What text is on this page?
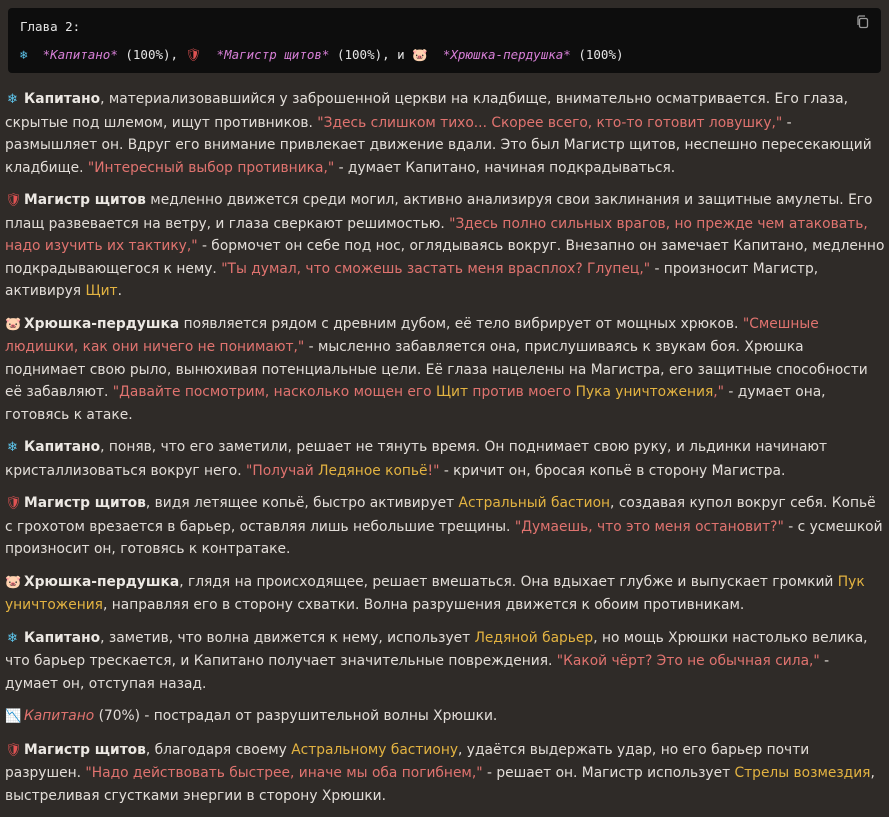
Глава 2:
❄ *Капитано* (100%), 🛡 *Магистр щитов* (100%), и 🐷 *Хрюшка-пердушка* (100%)

❄ Капитано, материализовавшийся у заброшенной церкви на кладбище, внимательно осматривается. Его глаза, скрытые под шлемом, ищут противников. "Здесь слишком тихо... Скорее всего, кто-то готовит ловушку," - размышляет он. Вдруг его внимание привлекает движение вдали. Это был Магистр щитов, неспешно пересекающий кладбище. "Интересный выбор противника," - думает Капитано, начиная подкрадываться.

🛡 Магистр щитов медленно движется среди могил, активно анализируя свои заклинания и защитные амулеты. Его плащ развевается на ветру, и глаза сверкают решимостью. "Здесь полно сильных врагов, но прежде чем атаковать, надо изучить их тактику," - бормочет он себе под нос, оглядываясь вокруг. Внезапно он замечает Капитано, медленно подкрадывающегося к нему. "Ты думал, что сможешь застать меня врасплох? Глупец," - произносит Магистр, активируя Щит.

🐷 Хрюшка-пердушка появляется рядом с древним дубом, её тело вибрирует от мощных хрюков. "Смешные людишки, как они ничего не понимают," - мысленно забавляется она, прислушиваясь к звукам боя. Хрюшка поднимает свою рыло, вынюхивая потенциальные цели. Её глаза нацелены на Магистра, его защитные способности её забавляют. "Давайте посмотрим, насколько мощен его Щит против моего Пука уничтожения," - думает она, готовясь к атаке.

❄ Капитано, поняв, что его заметили, решает не тянуть время. Он поднимает свою руку, и льдинки начинают кристаллизоваться вокруг него. "Получай Ледяное копьё!" - кричит он, бросая копьё в сторону Магистра.

🛡 Магистр щитов, видя летящее копьё, быстро активирует Астральный бастион, создавая купол вокруг себя. Копьё с грохотом врезается в барьер, оставляя лишь небольшие трещины. "Думаешь, что это меня остановит?" - с усмешкой произносит он, готовясь к контратаке.

🐷 Хрюшка-пердушка, глядя на происходящее, решает вмешаться. Она вдыхает глубже и выпускает громкий Пук уничтожения, направляя его в сторону схватки. Волна разрушения движется к обоим противникам.

❄ Капитано, заметив, что волна движется к нему, использует Ледяной барьер, но мощь Хрюшки настолько велика, что барьер трескается, и Капитано получает значительные повреждения. "Какой чёрт? Это не обычная сила," - думает он, отступая назад.

📉 Капитано (70%) - пострадал от разрушительной волны Хрюшки.

🛡 Магистр щитов, благодаря своему Астральному бастиону, удаётся выдержать удар, но его барьер почти разрушен. "Надо действовать быстрее, иначе мы оба погибнем," - решает он. Магистр использует Стрелы возмездия, выстреливая сгустками энергии в сторону Хрюшки.
